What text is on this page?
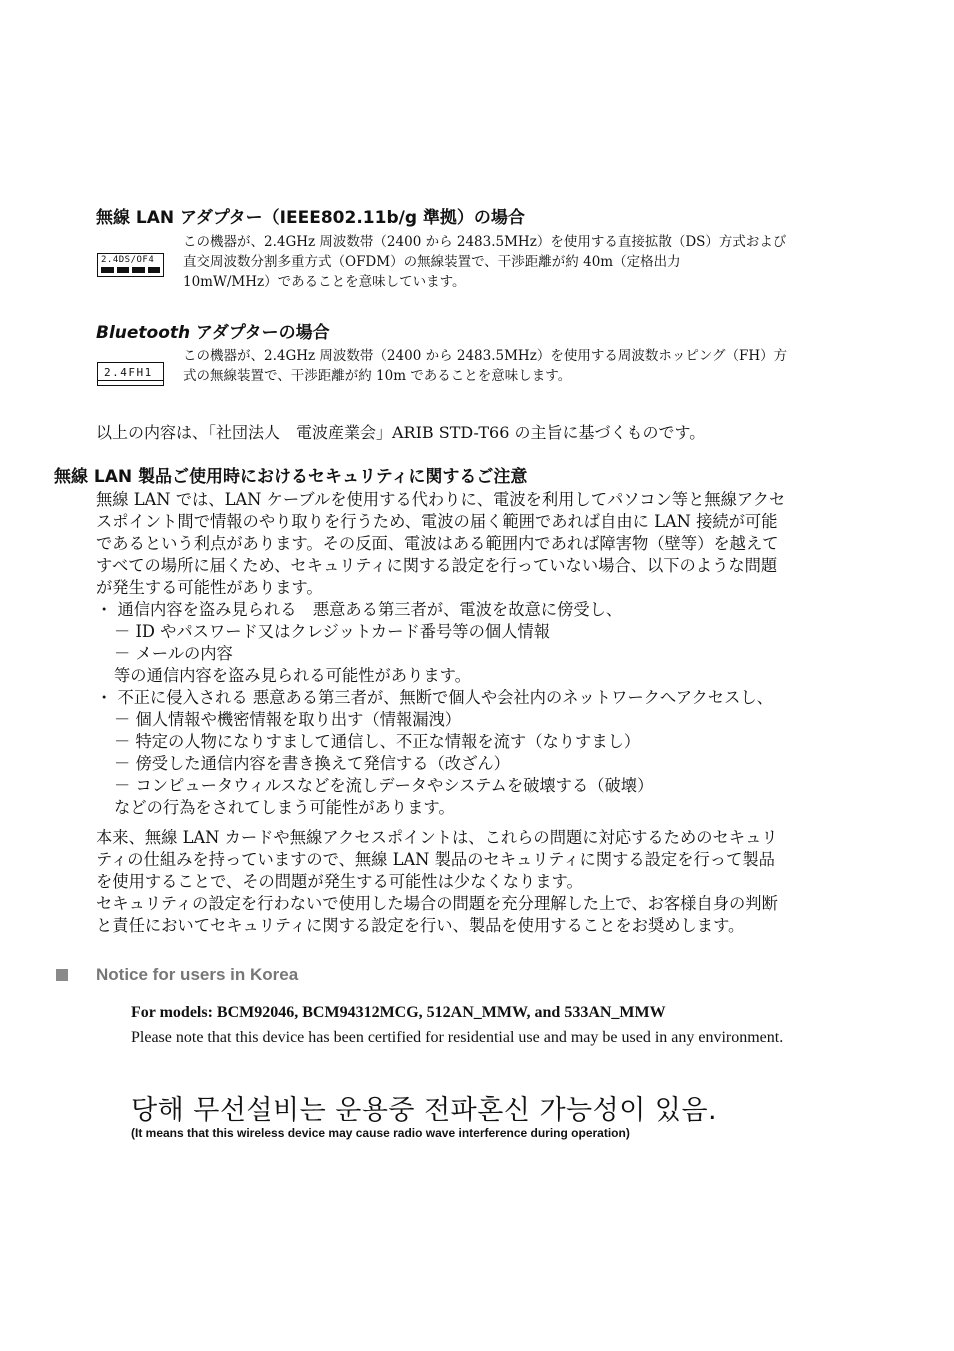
無線 LAN アダプター（IEEE802.11b/g 準拠）の場合
2.4DS/OF4
この機器が、2.4GHz 周波数帯（2400 から 2483.5MHz）を使用する直接拡散（DS）方式および
直交周波数分割多重方式（OFDM）の無線装置で、干渉距離が約 40m（定格出力
10mW/MHz）であることを意味しています。
Bluetooth アダプターの場合
2.4FH1
この機器が、2.4GHz 周波数帯（2400 から 2483.5MHz）を使用する周波数ホッピング（FH）方
式の無線装置で、干渉距離が約 10m であることを意味します。
以上の内容は、「社団法人　電波産業会」ARIB STD-T66 の主旨に基づくものです。
無線 LAN 製品ご使用時におけるセキュリティに関するご注意
無線 LAN では、LAN ケーブルを使用する代わりに、電波を利用してパソコン等と無線アクセ
スポイント間で情報のやり取りを行うため、電波の届く範囲であれば自由に LAN 接続が可能
であるという利点があります。その反面、電波はある範囲内であれば障害物（壁等）を越えて
すべての場所に届くため、セキュリティに関する設定を行っていない場合、以下のような問題
が発生する可能性があります。
・ 通信内容を盗み見られる　悪意ある第三者が、電波を故意に傍受し、
－ ID やパスワード又はクレジットカード番号等の個人情報
－ メールの内容
等の通信内容を盗み見られる可能性があります。
・ 不正に侵入される 悪意ある第三者が、無断で個人や会社内のネットワークへアクセスし、
－ 個人情報や機密情報を取り出す（情報漏洩）
－ 特定の人物になりすまして通信し、不正な情報を流す（なりすまし）
－ 傍受した通信内容を書き換えて発信する（改ざん）
－ コンピュータウィルスなどを流しデータやシステムを破壊する（破壊）
などの行為をされてしまう可能性があります。
本来、無線 LAN カードや無線アクセスポイントは、これらの問題に対応するためのセキュリ
ティの仕組みを持っていますので、無線 LAN 製品のセキュリティに関する設定を行って製品
を使用することで、その問題が発生する可能性は少なくなります。
セキュリティの設定を行わないで使用した場合の問題を充分理解した上で、お客様自身の判断
と責任においてセキュリティに関する設定を行い、製品を使用することをお奨めします。
Notice for users in Korea
For models: BCM92046, BCM94312MCG, 512AN_MMW, and 533AN_MMW
Please note that this device has been certified for residential use and may be used in any environment.
당해 무선설비는 운용중 전파혼신 가능성이 있음.
(It means that this wireless device may cause radio wave interference during operation)
